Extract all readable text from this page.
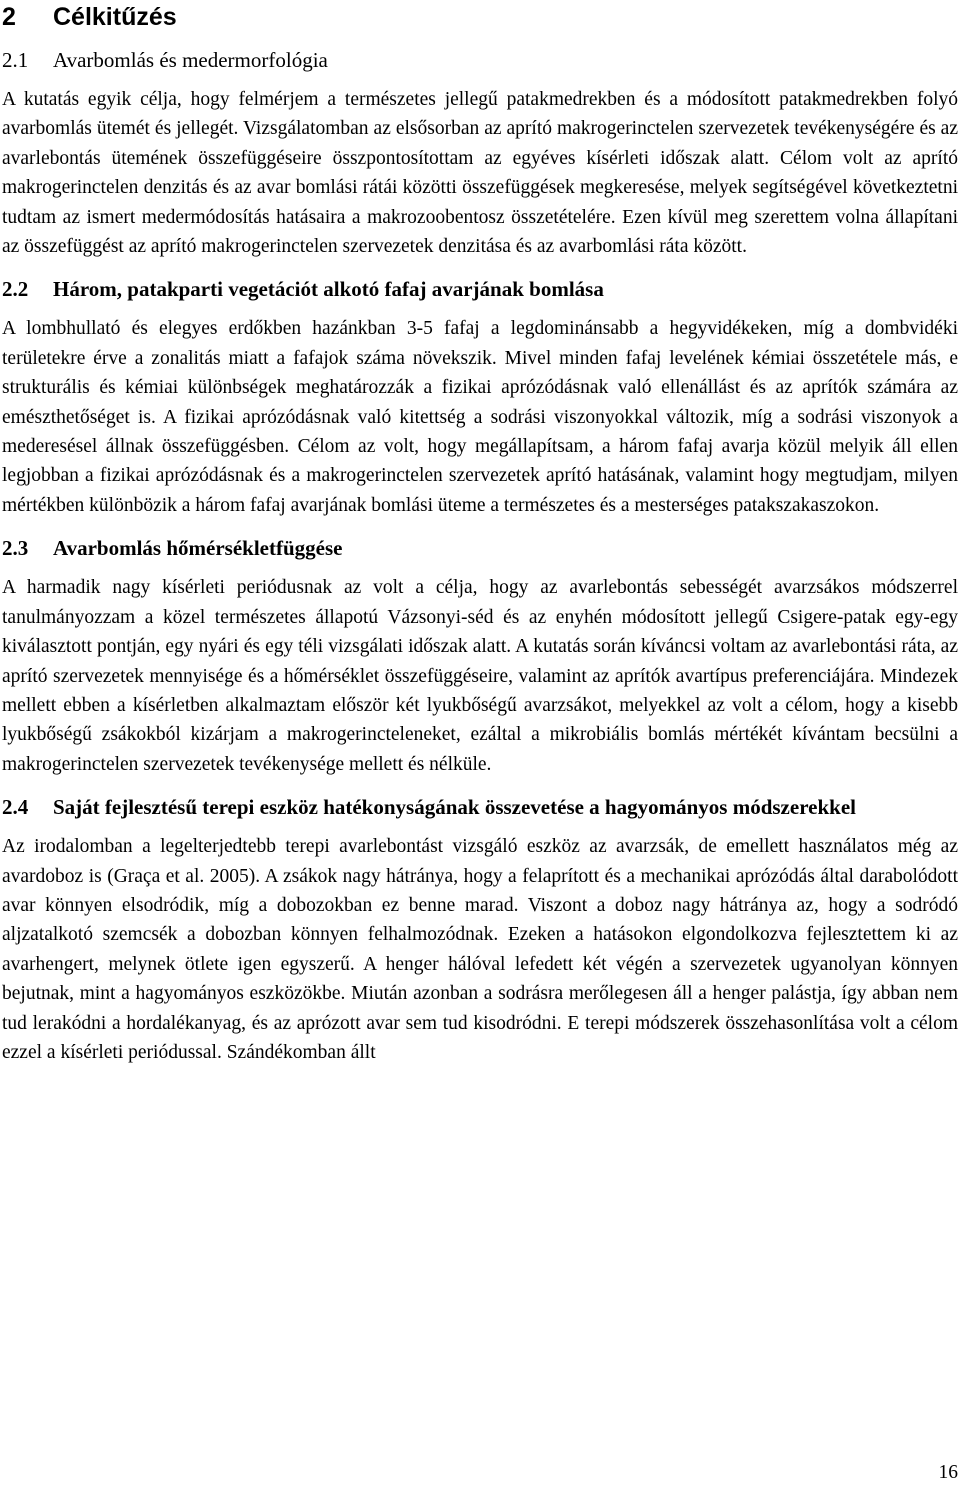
2 Célkitűzés
2.1 Avarbomlás és medermorfológia

A kutatás egyik célja, hogy felmérjem a természetes jellegű patakmedrekben és a módosított patakmedrekben folyó avarbomlás ütemét és jellegét. Vizsgálatomban az elsősorban az aprító makrogerinctelen szervezetek tevékenységére és az avarlebontás ütemének összefüggéseire összpontosítottam az egyéves kísérleti időszak alatt. Célom volt az aprító makrogerinctelen denzitás és az avar bomlási rátái közötti összefüggések megkeresése, melyek segítségével következtetni tudtam az ismert medermódosítás hatásaira a makrozoobentosz összetételére. Ezen kívül meg szerettem volna állapítani az összefüggést az aprító makrogerinctelen szervezetek denzitása és az avarbomlási ráta között.

2.2 Három, patakparti vegetációt alkotó fafaj avarjának bomlása

A lombhullató és elegyes erdőkben hazánkban 3-5 fafaj a legdominánsabb a hegyvidékeken, míg a dombvidéki területekre érve a zonalitás miatt a fafajok száma növekszik. Mivel minden fafaj levelének kémiai összetétele más, e strukturális és kémiai különbségek meghatározzák a fizikai aprózódásnak való ellenállást és az aprítók számára az emészthetőséget is. A fizikai aprózódásnak való kitettség a sodrási viszonyokkal változik, míg a sodrási viszonyok a mederesésel állnak összefüggésben. Célom az volt, hogy megállapítsam, a három fafaj avarja közül melyik áll ellen legjobban a fizikai aprózódásnak és a makrogerinctelen szervezetek aprító hatásának, valamint hogy megtudjam, milyen mértékben különbözik a három fafaj avarjának bomlási üteme a természetes és a mesterséges patakszakaszokon.

2.3 Avarbomlás hőmérsékletfüggése

A harmadik nagy kísérleti periódusnak az volt a célja, hogy az avarlebontás sebességét avarzsákos módszerrel tanulmányozzam a közel természetes állapotú Vázsonyi-séd és az enyhén módosított jellegű Csigere-patak egy-egy kiválasztott pontján, egy nyári és egy téli vizsgálati időszak alatt. A kutatás során kíváncsi voltam az avarlebontási ráta, az aprító szervezetek mennyisége és a hőmérséklet összefüggéseire, valamint az aprítók avartípus preferenciájára. Mindezek mellett ebben a kísérletben alkalmaztam először két lyukbőségű avarzsákot, melyekkel az volt a célom, hogy a kisebb lyukbőségű zsákokból kizárjam a makrogerincteleneket, ezáltal a mikrobiális bomlás mértékét kívántam becsülni a makrogerinctelen szervezetek tevékenysége mellett és nélküle.

2.4 Saját fejlesztésű terepi eszköz hatékonyságának összevetése a hagyományos módszerekkel

Az irodalomban a legelterjedtebb terepi avarlebontást vizsgáló eszköz az avarzsák, de emellett használatos még az avardoboz is (Graça et al. 2005). A zsákok nagy hátránya, hogy a felaprított és a mechanikai aprózódás által darabolódott avar könnyen elsodródik, míg a dobozokban ez benne marad. Viszont a doboz nagy hátránya az, hogy a sodródó aljzatalkotó szemcsék a dobozban könnyen felhalmozódnak. Ezeken a hatásokon elgondolkozva fejlesztettem ki az avarhengert, melynek ötlete igen egyszerű. A henger hálóval lefedett két végén a szervezetek ugyanolyan könnyen bejutnak, mint a hagyományos eszközökbe. Miután azonban a sodrásra merőlegesen áll a henger palástja, így abban nem tud lerakódni a hordalékanyag, és az aprózott avar sem tud kisodródni. E terepi módszerek összehasonlítása volt a célom ezzel a kísérleti periódussal. Szándékomban állt

16
